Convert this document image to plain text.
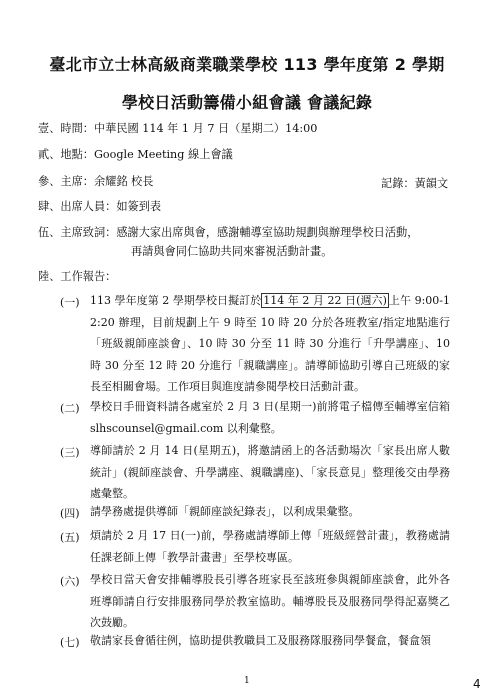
臺北市立士林高級商業職業學校 113 學年度第 2 學期
學校日活動籌備小組會議 會議紀錄
壹、時間：中華民國 114 年 1 月 7 日（星期二）14:00
貳、地點：Google Meeting 線上會議
參、主席：余耀銘 校長	記錄：黃韻文
肆、出席人員：如簽到表
伍、主席致詞：感謝大家出席與會，感謝輔導室協助規劃與辦理學校日活動，
再請與會同仁協助共同來審視活動計畫。
陸、工作報告：
(一) 113 學年度第 2 學期學校日擬訂於 114 年 2 月 22 日(週六) 上午 9:00-12:20 辦理，目前規劃上午 9 時至 10 時 20 分於各班教室/指定地點進行「班級親師座談會」、10 時 30 分至 11 時 30 分進行「升學講座」、10 時 30 分至 12 時 20 分進行「親職講座」。請導師協助引導自己班級的家長至相關會場。工作項目與進度請參閱學校日活動計畫。
(二) 學校日手冊資料請各處室於 2 月 3 日(星期一)前將電子檔傳至輔導室信箱 slhscounsel@gmail.com 以利彙整。
(三) 導師請於 2 月 14 日(星期五)，將邀請函上的各活動場次「家長出席人數統計」(親師座談會、升學講座、親職講座)、「家長意見」整理後交由學務處彙整。
(四) 請學務處提供導師「親師座談紀錄表」，以利成果彙整。
(五) 煩請於 2 月 17 日(一)前，學務處請導師上傳「班級經營計畫」，教務處請任課老師上傳「教學計畫書」至學校專區。
(六) 學校日當天會安排輔導股長引導各班家長至該班參與親師座談會，此外各班導師請自行安排服務同學於教室協助。輔導股長及服務同學得記嘉獎乙次鼓勵。
(七) 敬請家長會循往例，協助提供教職員工及服務隊服務同學餐盒，餐盒領
1	4
